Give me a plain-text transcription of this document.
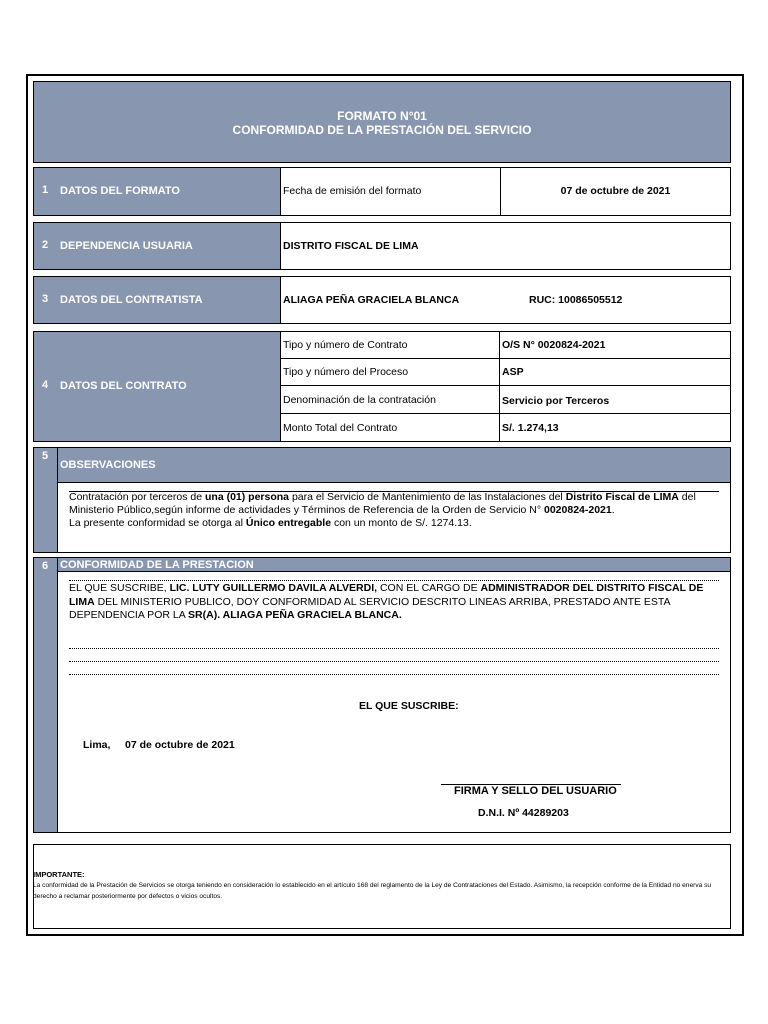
FORMATO N°01
CONFORMIDAD DE LA PRESTACIÓN DEL SERVICIO
1 DATOS DEL FORMATO	Fecha de emisión del formato	07 de octubre de 2021
2 DEPENDENCIA USUARIA	DISTRITO FISCAL DE LIMA
3 DATOS DEL CONTRATISTA	ALIAGA PEÑA GRACIELA BLANCA	RUC: 10086505512
4 DATOS DEL CONTRATO
Tipo y número de Contrato	O/S N° 0020824-2021
Tipo y número del Proceso	ASP
Denominación de la contratación	Servicio por Terceros
Monto Total del Contrato	S/. 1.274,13
5
OBSERVACIONES
Contratación por terceros de una (01) persona para el Servicio de Mantenimiento de las Instalaciones del Distrito Fiscal de LIMA del Ministerio Público,según informe de actividades y Términos de Referencia de la Orden de Servicio N° 0020824-2021.
La presente conformidad se otorga al Único entregable con un monto de S/. 1274.13.
6 CONFORMIDAD DE LA PRESTACION
EL QUE SUSCRIBE, LIC. LUTY GUILLERMO DAVILA ALVERDI, CON EL CARGO DE ADMINISTRADOR DEL DISTRITO FISCAL DE LIMA DEL MINISTERIO PUBLICO, DOY CONFORMIDAD AL SERVICIO DESCRITO LINEAS ARRIBA, PRESTADO ANTE ESTA DEPENDENCIA POR LA SR(A). ALIAGA PEÑA GRACIELA BLANCA.
EL QUE SUSCRIBE:
Lima, 07 de octubre de 2021
FIRMA Y SELLO DEL USUARIO
D.N.I. Nº 44289203
IMPORTANTE:
La conformidad de la Prestación de Servicios se otorga teniendo en consideración lo establecido en el artículo 168 del reglamento de la Ley de Contrataciones del Estado. Asimismo, la recepción conforme de la Entidad no enerva su derecho a reclamar posteriormente por defectos o vicios ocultos.
